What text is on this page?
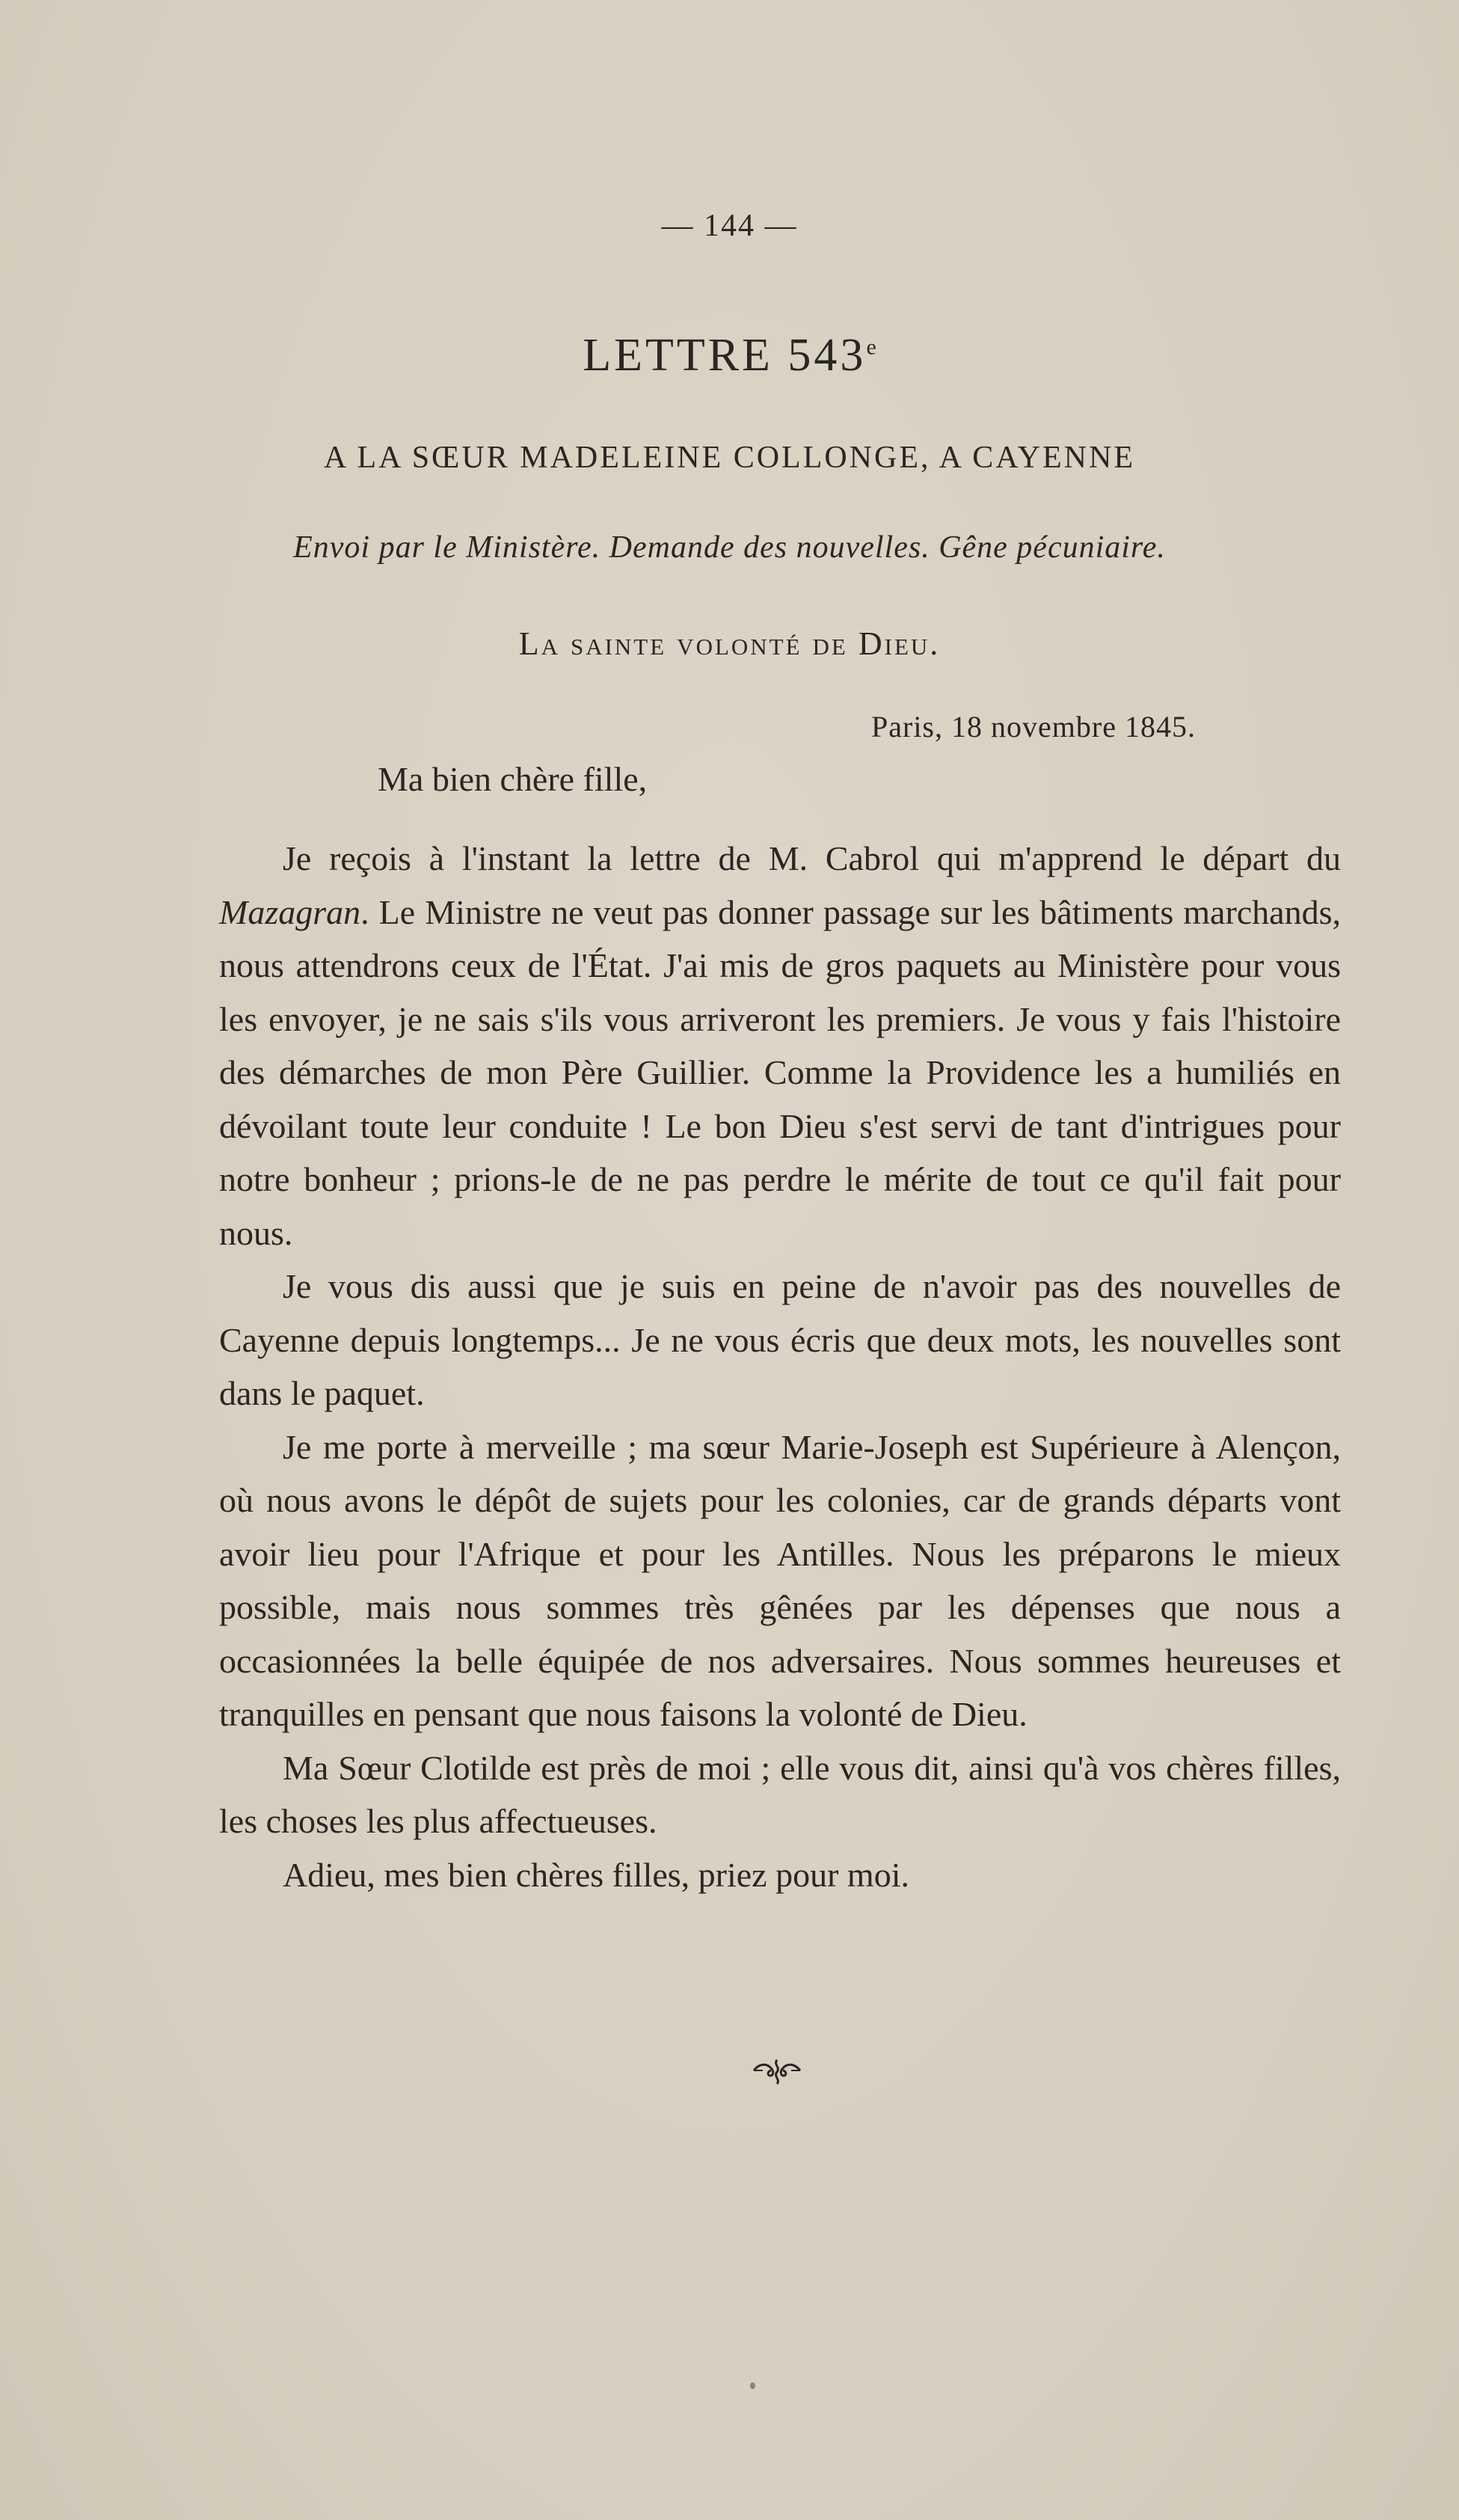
— 144 —
LETTRE 543e
A LA SŒUR MADELEINE COLLONGE, A CAYENNE
Envoi par le Ministère. Demande des nouvelles. Gêne pécuniaire.
La sainte volonté de Dieu.
Paris, 18 novembre 1845.
Ma bien chère fille,

Je reçois à l'instant la lettre de M. Cabrol qui m'apprend le départ du Mazagran. Le Ministre ne veut pas donner passage sur les bâtiments marchands, nous attendrons ceux de l'État. J'ai mis de gros paquets au Ministère pour vous les envoyer, je ne sais s'ils vous arriveront les premiers. Je vous y fais l'histoire des démarches de mon Père Guillier. Comme la Providence les a humiliés en dévoilant toute leur conduite ! Le bon Dieu s'est servi de tant d'intrigues pour notre bonheur ; prions-le de ne pas perdre le mérite de tout ce qu'il fait pour nous.

Je vous dis aussi que je suis en peine de n'avoir pas des nouvelles de Cayenne depuis longtemps... Je ne vous écris que deux mots, les nouvelles sont dans le paquet.

Je me porte à merveille ; ma sœur Marie-Joseph est Supérieure à Alençon, où nous avons le dépôt de sujets pour les colonies, car de grands départs vont avoir lieu pour l'Afrique et pour les Antilles. Nous les préparons le mieux possible, mais nous sommes très gênées par les dépenses que nous a occasionnées la belle équipée de nos adversaires. Nous sommes heureuses et tranquilles en pensant que nous faisons la volonté de Dieu.

Ma Sœur Clotilde est près de moi ; elle vous dit, ainsi qu'à vos chères filles, les choses les plus affectueuses.

Adieu, mes bien chères filles, priez pour moi.
